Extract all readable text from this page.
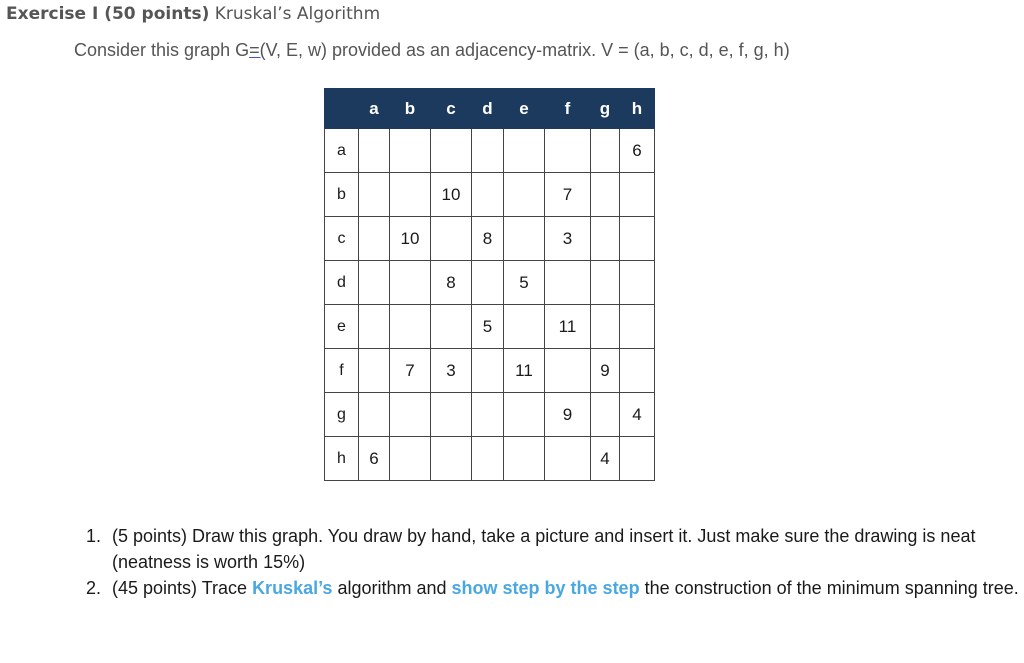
Exercise I (50 points) Kruskal’s Algorithm
Consider this graph G=(V, E, w) provided as an adjacency-matrix. V = (a, b, c, d, e, f, g, h)
	a	b	c	d	e	f	g	h
a								6
b			10			7		
c		10		8		3		
d			8		5			
e				5		11		
f		7	3		11		9	
g						9		4
h	6						4	
1. (5 points) Draw this graph. You draw by hand, take a picture and insert it. Just make sure the drawing is neat (neatness is worth 15%)
2. (45 points) Trace Kruskal’s algorithm and show step by the step the construction of the minimum spanning tree.
